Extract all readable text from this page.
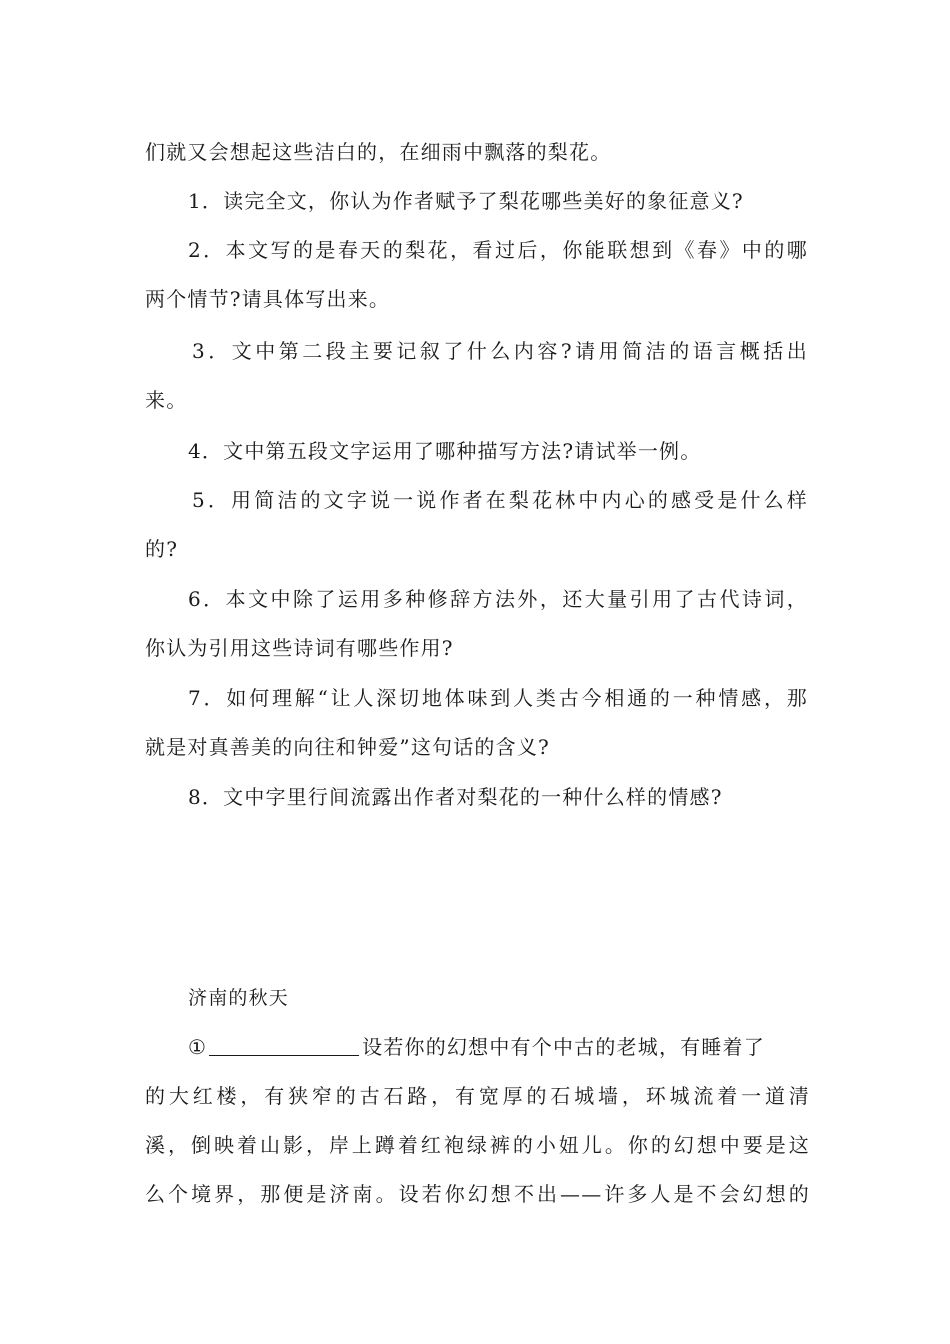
们就又会想起这些洁白的，在细雨中飘落的梨花。
1．读完全文，你认为作者赋予了梨花哪些美好的象征意义?
2．本文写的是春天的梨花，看过后，你能联想到《春》中的哪
两个情节?请具体写出来。
3．文中第二段主要记叙了什么内容?请用简洁的语言概括出
来。
4．文中第五段文字运用了哪种描写方法?请试举一例。
5．用简洁的文字说一说作者在梨花林中内心的感受是什么样
的?
6．本文中除了运用多种修辞方法外，还大量引用了古代诗词，
你认为引用这些诗词有哪些作用?
7．如何理解“让人深切地体味到人类古今相通的一种情感，那
就是对真善美的向往和钟爱”这句话的含义?
8．文中字里行间流露出作者对梨花的一种什么样的情感?
济南的秋天
①	设若你的幻想中有个中古的老城，有睡着了
的大红楼，有狭窄的古石路，有宽厚的石城墙，环城流着一道清
溪，倒映着山影，岸上蹲着红袍绿裤的小妞儿。你的幻想中要是这
么个境界，那便是济南。设若你幻想不出——许多人是不会幻想的
